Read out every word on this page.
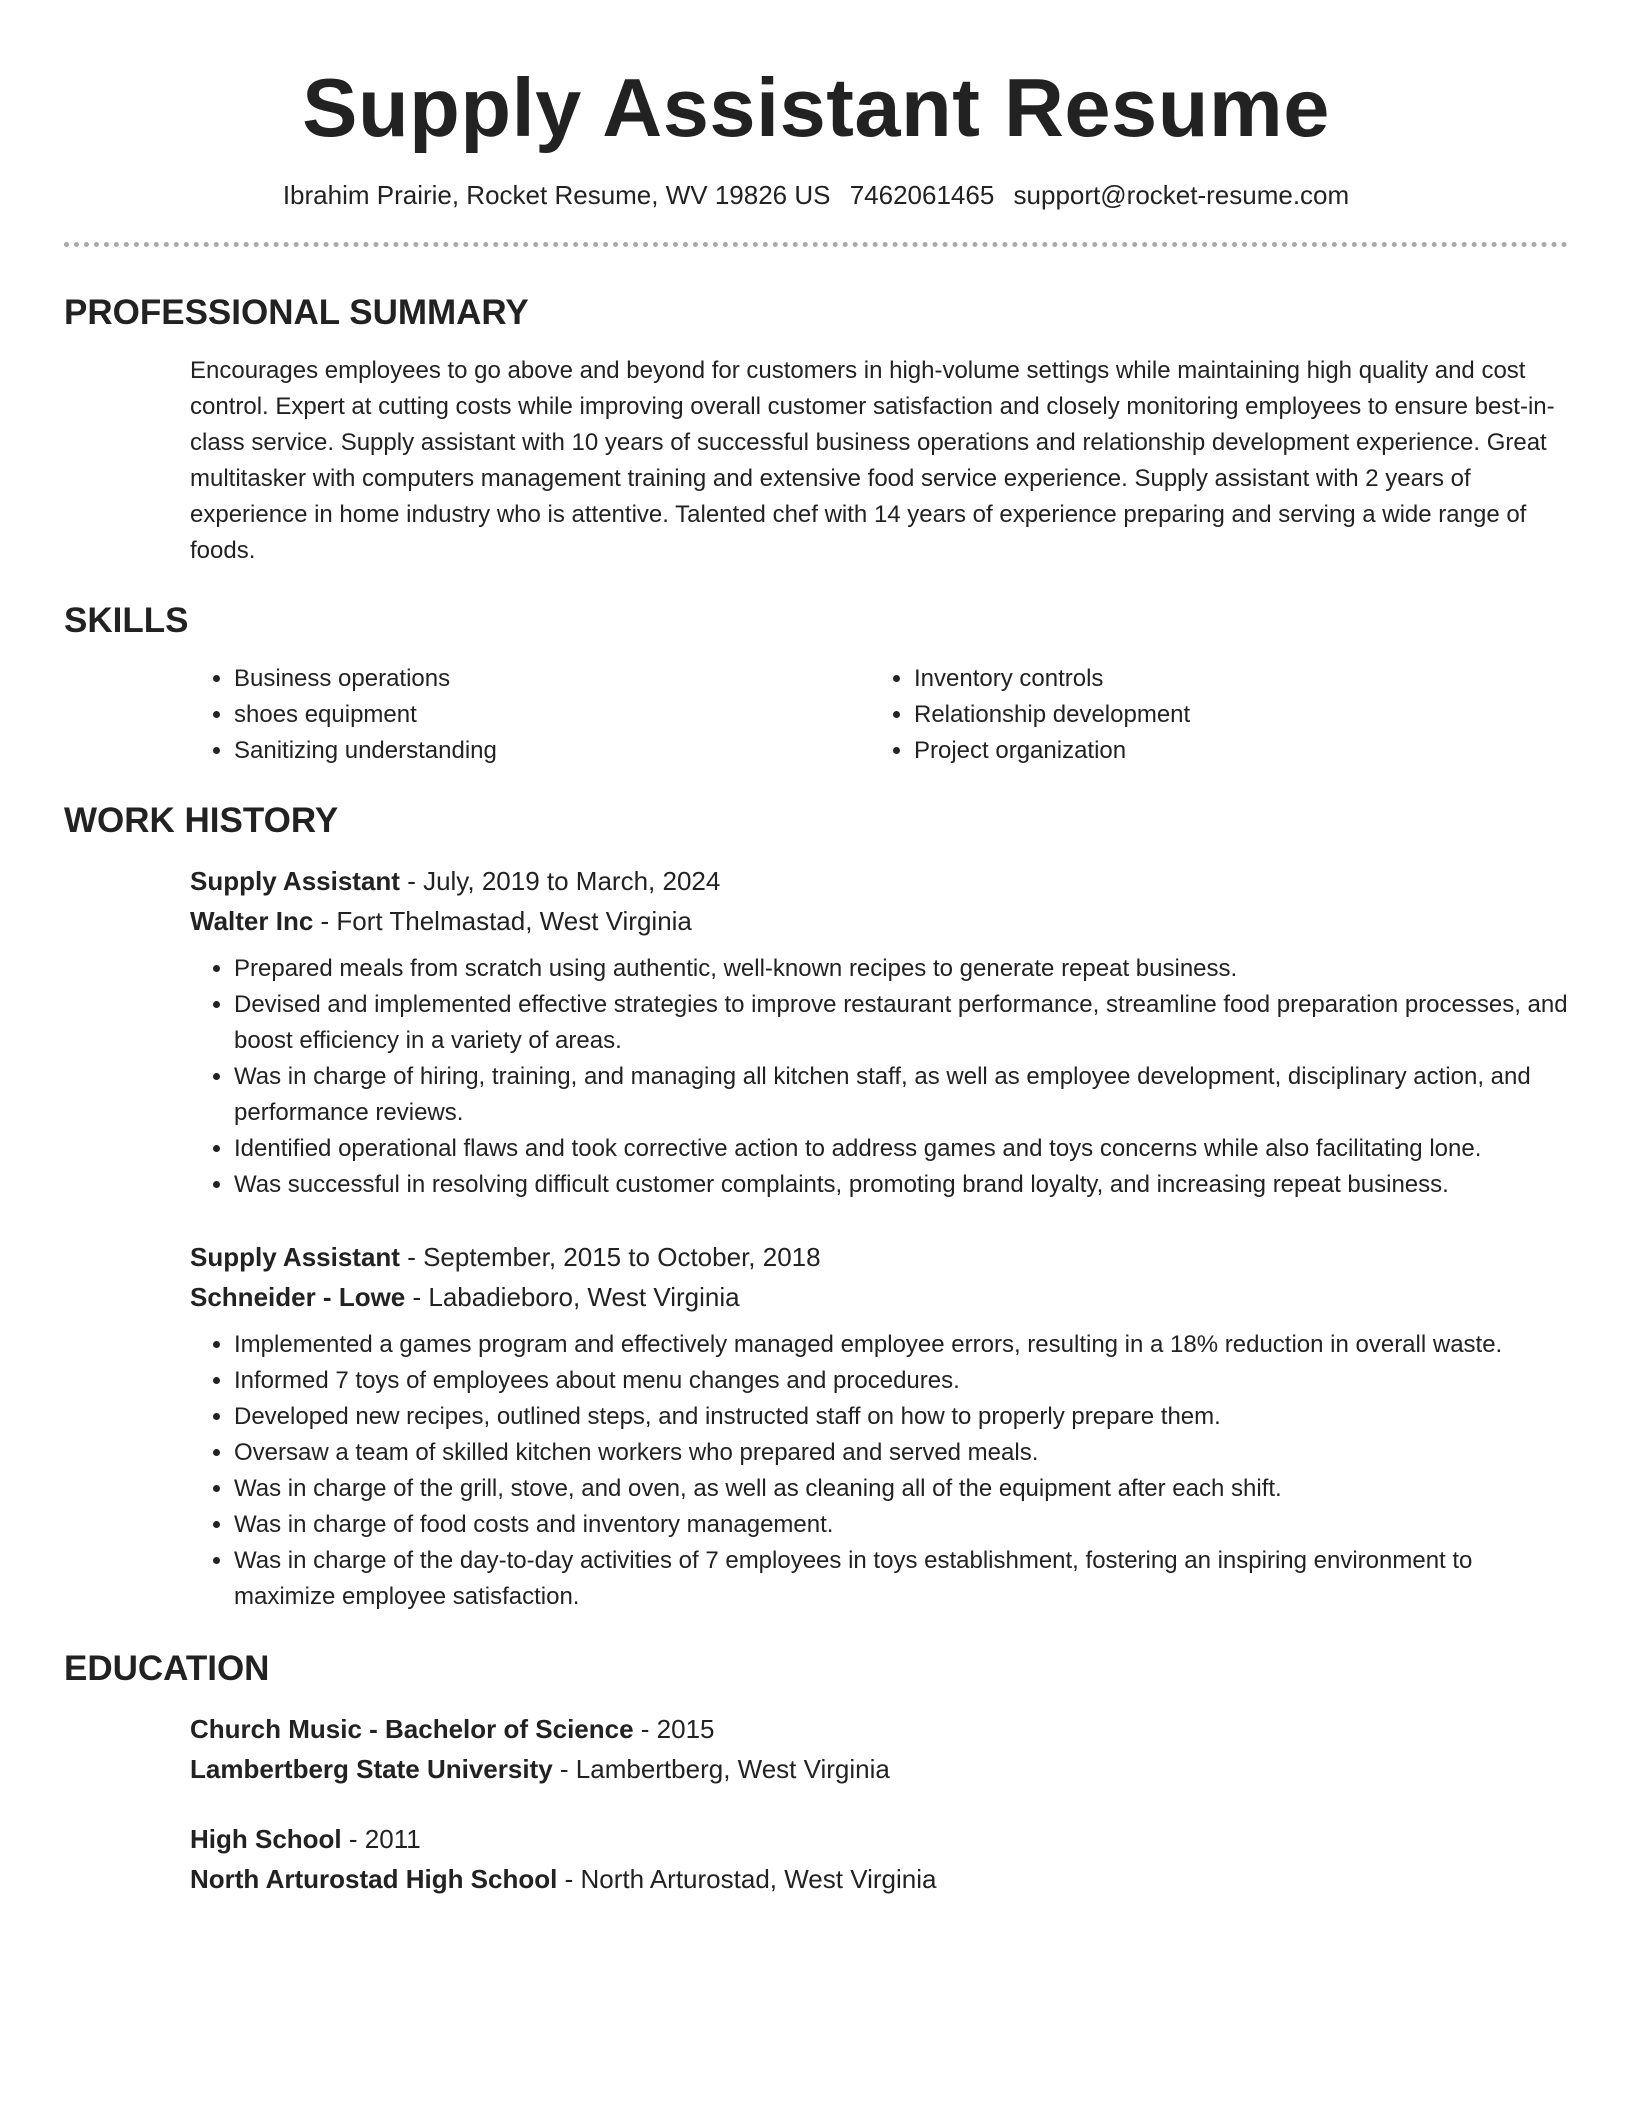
Supply Assistant Resume
Ibrahim Prairie, Rocket Resume, WV 19826 US 7462061465 support@rocket-resume.com
PROFESSIONAL SUMMARY
Encourages employees to go above and beyond for customers in high-volume settings while maintaining high quality and cost control. Expert at cutting costs while improving overall customer satisfaction and closely monitoring employees to ensure best-in-class service. Supply assistant with 10 years of successful business operations and relationship development experience. Great multitasker with computers management training and extensive food service experience. Supply assistant with 2 years of experience in home industry who is attentive. Talented chef with 14 years of experience preparing and serving a wide range of foods.
SKILLS
• Business operations
• shoes equipment
• Sanitizing understanding
• Inventory controls
• Relationship development
• Project organization
WORK HISTORY
Supply Assistant - July, 2019 to March, 2024
Walter Inc - Fort Thelmastad, West Virginia
• Prepared meals from scratch using authentic, well-known recipes to generate repeat business.
• Devised and implemented effective strategies to improve restaurant performance, streamline food preparation processes, and boost efficiency in a variety of areas.
• Was in charge of hiring, training, and managing all kitchen staff, as well as employee development, disciplinary action, and performance reviews.
• Identified operational flaws and took corrective action to address games and toys concerns while also facilitating lone.
• Was successful in resolving difficult customer complaints, promoting brand loyalty, and increasing repeat business.
Supply Assistant - September, 2015 to October, 2018
Schneider - Lowe - Labadieboro, West Virginia
• Implemented a games program and effectively managed employee errors, resulting in a 18% reduction in overall waste.
• Informed 7 toys of employees about menu changes and procedures.
• Developed new recipes, outlined steps, and instructed staff on how to properly prepare them.
• Oversaw a team of skilled kitchen workers who prepared and served meals.
• Was in charge of the grill, stove, and oven, as well as cleaning all of the equipment after each shift.
• Was in charge of food costs and inventory management.
• Was in charge of the day-to-day activities of 7 employees in toys establishment, fostering an inspiring environment to maximize employee satisfaction.
EDUCATION
Church Music - Bachelor of Science - 2015
Lambertberg State University - Lambertberg, West Virginia
High School - 2011
North Arturostad High School - North Arturostad, West Virginia
